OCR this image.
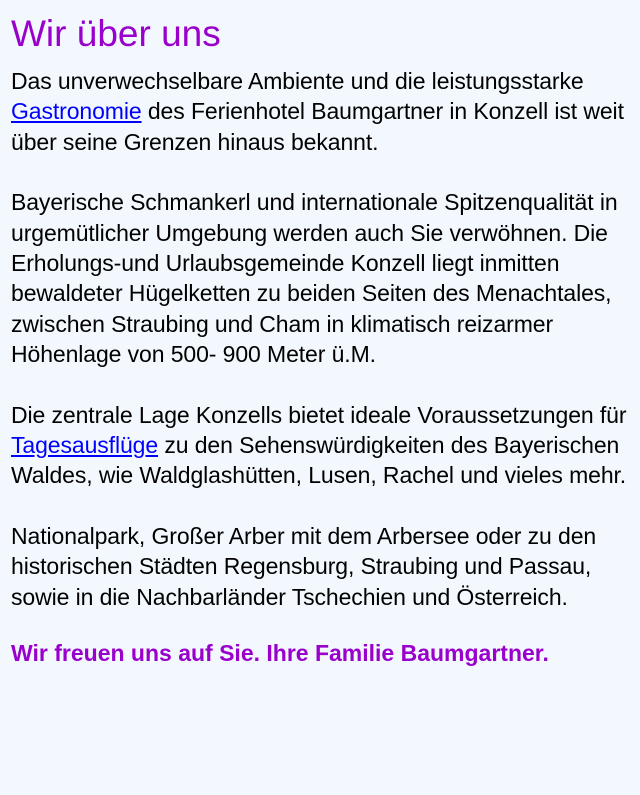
Wir über uns

Das unverwechselbare Ambiente und die leistungsstarke Gastronomie des Ferienhotel Baumgartner in Konzell ist weit über seine Grenzen hinaus bekannt.

Bayerische Schmankerl und internationale Spitzenqualität in urgemütlicher Umgebung werden auch Sie verwöhnen. Die Erholungs-und Urlaubsgemeinde Konzell liegt inmitten bewaldeter Hügelketten zu beiden Seiten des Menachtales, zwischen Straubing und Cham in klimatisch reizarmer Höhenlage von 500- 900 Meter ü.M.

Die zentrale Lage Konzells bietet ideale Voraussetzungen für Tagesausflüge zu den Sehenswürdigkeiten des Bayerischen Waldes, wie Waldglashütten, Lusen, Rachel und vieles mehr.

Nationalpark, Großer Arber mit dem Arbersee oder zu den historischen Städten Regensburg, Straubing und Passau, sowie in die Nachbarländer Tschechien und Österreich.

Wir freuen uns auf Sie. Ihre Familie Baumgartner.
